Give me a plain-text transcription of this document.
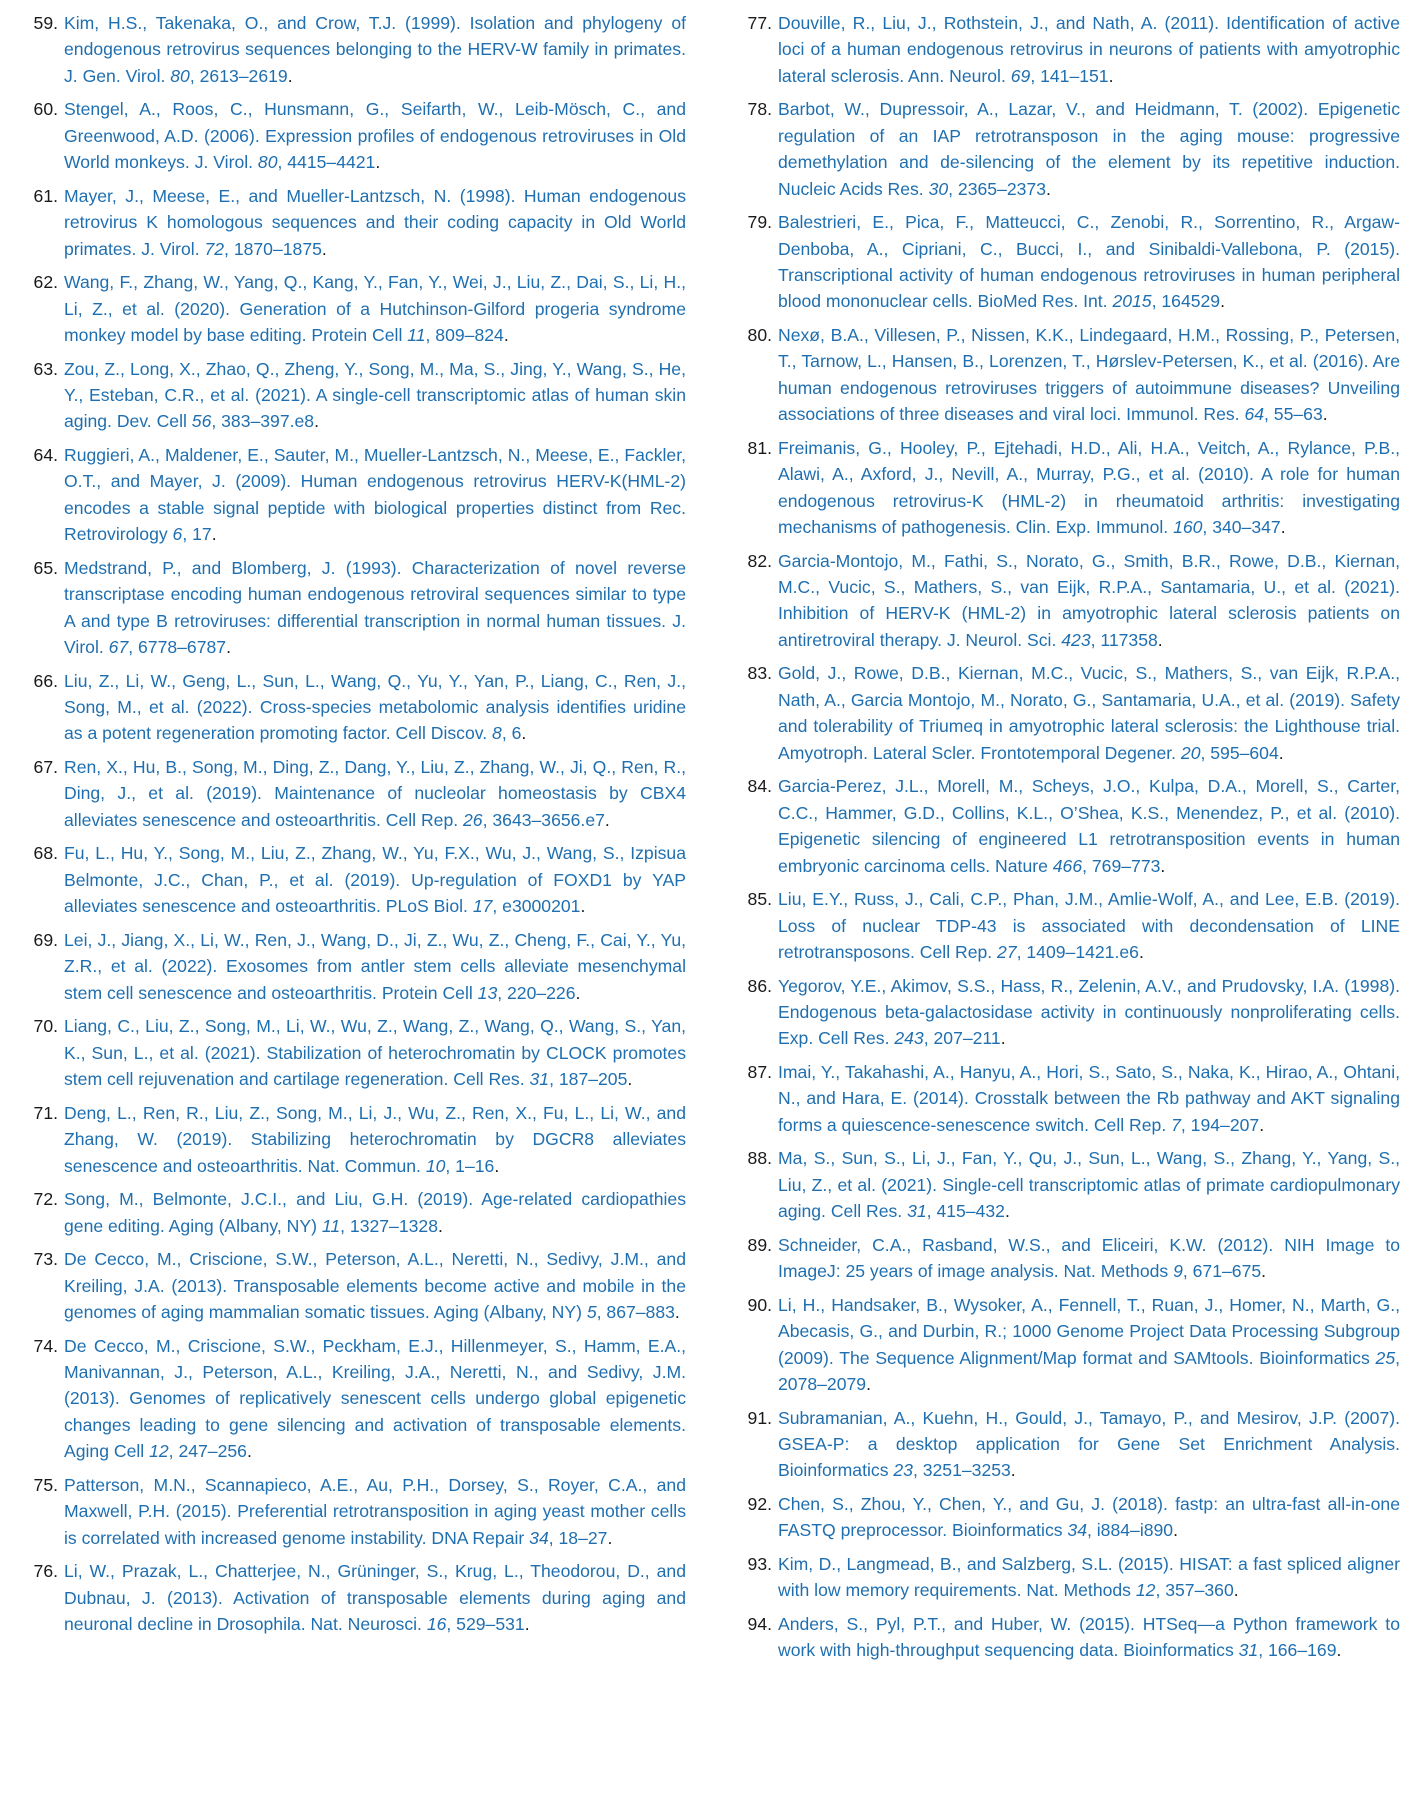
59. Kim, H.S., Takenaka, O., and Crow, T.J. (1999). Isolation and phylogeny of endogenous retrovirus sequences belonging to the HERV-W family in primates. J. Gen. Virol. 80, 2613–2619.
60. Stengel, A., Roos, C., Hunsmann, G., Seifarth, W., Leib-Mösch, C., and Greenwood, A.D. (2006). Expression profiles of endogenous retroviruses in Old World monkeys. J. Virol. 80, 4415–4421.
61. Mayer, J., Meese, E., and Mueller-Lantzsch, N. (1998). Human endogenous retrovirus K homologous sequences and their coding capacity in Old World primates. J. Virol. 72, 1870–1875.
62. Wang, F., Zhang, W., Yang, Q., Kang, Y., Fan, Y., Wei, J., Liu, Z., Dai, S., Li, H., Li, Z., et al. (2020). Generation of a Hutchinson-Gilford progeria syndrome monkey model by base editing. Protein Cell 11, 809–824.
63. Zou, Z., Long, X., Zhao, Q., Zheng, Y., Song, M., Ma, S., Jing, Y., Wang, S., He, Y., Esteban, C.R., et al. (2021). A single-cell transcriptomic atlas of human skin aging. Dev. Cell 56, 383–397.e8.
64. Ruggieri, A., Maldener, E., Sauter, M., Mueller-Lantzsch, N., Meese, E., Fackler, O.T., and Mayer, J. (2009). Human endogenous retrovirus HERV-K(HML-2) encodes a stable signal peptide with biological properties distinct from Rec. Retrovirology 6, 17.
65. Medstrand, P., and Blomberg, J. (1993). Characterization of novel reverse transcriptase encoding human endogenous retroviral sequences similar to type A and type B retroviruses: differential transcription in normal human tissues. J. Virol. 67, 6778–6787.
66. Liu, Z., Li, W., Geng, L., Sun, L., Wang, Q., Yu, Y., Yan, P., Liang, C., Ren, J., Song, M., et al. (2022). Cross-species metabolomic analysis identifies uridine as a potent regeneration promoting factor. Cell Discov. 8, 6.
67. Ren, X., Hu, B., Song, M., Ding, Z., Dang, Y., Liu, Z., Zhang, W., Ji, Q., Ren, R., Ding, J., et al. (2019). Maintenance of nucleolar homeostasis by CBX4 alleviates senescence and osteoarthritis. Cell Rep. 26, 3643–3656.e7.
68. Fu, L., Hu, Y., Song, M., Liu, Z., Zhang, W., Yu, F.X., Wu, J., Wang, S., Izpisua Belmonte, J.C., Chan, P., et al. (2019). Up-regulation of FOXD1 by YAP alleviates senescence and osteoarthritis. PLoS Biol. 17, e3000201.
69. Lei, J., Jiang, X., Li, W., Ren, J., Wang, D., Ji, Z., Wu, Z., Cheng, F., Cai, Y., Yu, Z.R., et al. (2022). Exosomes from antler stem cells alleviate mesenchymal stem cell senescence and osteoarthritis. Protein Cell 13, 220–226.
70. Liang, C., Liu, Z., Song, M., Li, W., Wu, Z., Wang, Z., Wang, Q., Wang, S., Yan, K., Sun, L., et al. (2021). Stabilization of heterochromatin by CLOCK promotes stem cell rejuvenation and cartilage regeneration. Cell Res. 31, 187–205.
71. Deng, L., Ren, R., Liu, Z., Song, M., Li, J., Wu, Z., Ren, X., Fu, L., Li, W., and Zhang, W. (2019). Stabilizing heterochromatin by DGCR8 alleviates senescence and osteoarthritis. Nat. Commun. 10, 1–16.
72. Song, M., Belmonte, J.C.I., and Liu, G.H. (2019). Age-related cardiopathies gene editing. Aging (Albany, NY) 11, 1327–1328.
73. De Cecco, M., Criscione, S.W., Peterson, A.L., Neretti, N., Sedivy, J.M., and Kreiling, J.A. (2013). Transposable elements become active and mobile in the genomes of aging mammalian somatic tissues. Aging (Albany, NY) 5, 867–883.
74. De Cecco, M., Criscione, S.W., Peckham, E.J., Hillenmeyer, S., Hamm, E.A., Manivannan, J., Peterson, A.L., Kreiling, J.A., Neretti, N., and Sedivy, J.M. (2013). Genomes of replicatively senescent cells undergo global epigenetic changes leading to gene silencing and activation of transposable elements. Aging Cell 12, 247–256.
75. Patterson, M.N., Scannapieco, A.E., Au, P.H., Dorsey, S., Royer, C.A., and Maxwell, P.H. (2015). Preferential retrotransposition in aging yeast mother cells is correlated with increased genome instability. DNA Repair 34, 18–27.
76. Li, W., Prazak, L., Chatterjee, N., Grüninger, S., Krug, L., Theodorou, D., and Dubnau, J. (2013). Activation of transposable elements during aging and neuronal decline in Drosophila. Nat. Neurosci. 16, 529–531.
77. Douville, R., Liu, J., Rothstein, J., and Nath, A. (2011). Identification of active loci of a human endogenous retrovirus in neurons of patients with amyotrophic lateral sclerosis. Ann. Neurol. 69, 141–151.
78. Barbot, W., Dupressoir, A., Lazar, V., and Heidmann, T. (2002). Epigenetic regulation of an IAP retrotransposon in the aging mouse: progressive demethylation and de-silencing of the element by its repetitive induction. Nucleic Acids Res. 30, 2365–2373.
79. Balestrieri, E., Pica, F., Matteucci, C., Zenobi, R., Sorrentino, R., Argaw-Denboba, A., Cipriani, C., Bucci, I., and Sinibaldi-Vallebona, P. (2015). Transcriptional activity of human endogenous retroviruses in human peripheral blood mononuclear cells. BioMed Res. Int. 2015, 164529.
80. Nexø, B.A., Villesen, P., Nissen, K.K., Lindegaard, H.M., Rossing, P., Petersen, T., Tarnow, L., Hansen, B., Lorenzen, T., Hørslev-Petersen, K., et al. (2016). Are human endogenous retroviruses triggers of autoimmune diseases? Unveiling associations of three diseases and viral loci. Immunol. Res. 64, 55–63.
81. Freimanis, G., Hooley, P., Ejtehadi, H.D., Ali, H.A., Veitch, A., Rylance, P.B., Alawi, A., Axford, J., Nevill, A., Murray, P.G., et al. (2010). A role for human endogenous retrovirus-K (HML-2) in rheumatoid arthritis: investigating mechanisms of pathogenesis. Clin. Exp. Immunol. 160, 340–347.
82. Garcia-Montojo, M., Fathi, S., Norato, G., Smith, B.R., Rowe, D.B., Kiernan, M.C., Vucic, S., Mathers, S., van Eijk, R.P.A., Santamaria, U., et al. (2021). Inhibition of HERV-K (HML-2) in amyotrophic lateral sclerosis patients on antiretroviral therapy. J. Neurol. Sci. 423, 117358.
83. Gold, J., Rowe, D.B., Kiernan, M.C., Vucic, S., Mathers, S., van Eijk, R.P.A., Nath, A., Garcia Montojo, M., Norato, G., Santamaria, U.A., et al. (2019). Safety and tolerability of Triumeq in amyotrophic lateral sclerosis: the Lighthouse trial. Amyotroph. Lateral Scler. Frontotemporal Degener. 20, 595–604.
84. Garcia-Perez, J.L., Morell, M., Scheys, J.O., Kulpa, D.A., Morell, S., Carter, C.C., Hammer, G.D., Collins, K.L., O’Shea, K.S., Menendez, P., et al. (2010). Epigenetic silencing of engineered L1 retrotransposition events in human embryonic carcinoma cells. Nature 466, 769–773.
85. Liu, E.Y., Russ, J., Cali, C.P., Phan, J.M., Amlie-Wolf, A., and Lee, E.B. (2019). Loss of nuclear TDP-43 is associated with decondensation of LINE retrotransposons. Cell Rep. 27, 1409–1421.e6.
86. Yegorov, Y.E., Akimov, S.S., Hass, R., Zelenin, A.V., and Prudovsky, I.A. (1998). Endogenous beta-galactosidase activity in continuously nonproliferating cells. Exp. Cell Res. 243, 207–211.
87. Imai, Y., Takahashi, A., Hanyu, A., Hori, S., Sato, S., Naka, K., Hirao, A., Ohtani, N., and Hara, E. (2014). Crosstalk between the Rb pathway and AKT signaling forms a quiescence-senescence switch. Cell Rep. 7, 194–207.
88. Ma, S., Sun, S., Li, J., Fan, Y., Qu, J., Sun, L., Wang, S., Zhang, Y., Yang, S., Liu, Z., et al. (2021). Single-cell transcriptomic atlas of primate cardiopulmonary aging. Cell Res. 31, 415–432.
89. Schneider, C.A., Rasband, W.S., and Eliceiri, K.W. (2012). NIH Image to ImageJ: 25 years of image analysis. Nat. Methods 9, 671–675.
90. Li, H., Handsaker, B., Wysoker, A., Fennell, T., Ruan, J., Homer, N., Marth, G., Abecasis, G., and Durbin, R.; 1000 Genome Project Data Processing Subgroup (2009). The Sequence Alignment/Map format and SAMtools. Bioinformatics 25, 2078–2079.
91. Subramanian, A., Kuehn, H., Gould, J., Tamayo, P., and Mesirov, J.P. (2007). GSEA-P: a desktop application for Gene Set Enrichment Analysis. Bioinformatics 23, 3251–3253.
92. Chen, S., Zhou, Y., Chen, Y., and Gu, J. (2018). fastp: an ultra-fast all-in-one FASTQ preprocessor. Bioinformatics 34, i884–i890.
93. Kim, D., Langmead, B., and Salzberg, S.L. (2015). HISAT: a fast spliced aligner with low memory requirements. Nat. Methods 12, 357–360.
94. Anders, S., Pyl, P.T., and Huber, W. (2015). HTSeq—a Python framework to work with high-throughput sequencing data. Bioinformatics 31, 166–169.
